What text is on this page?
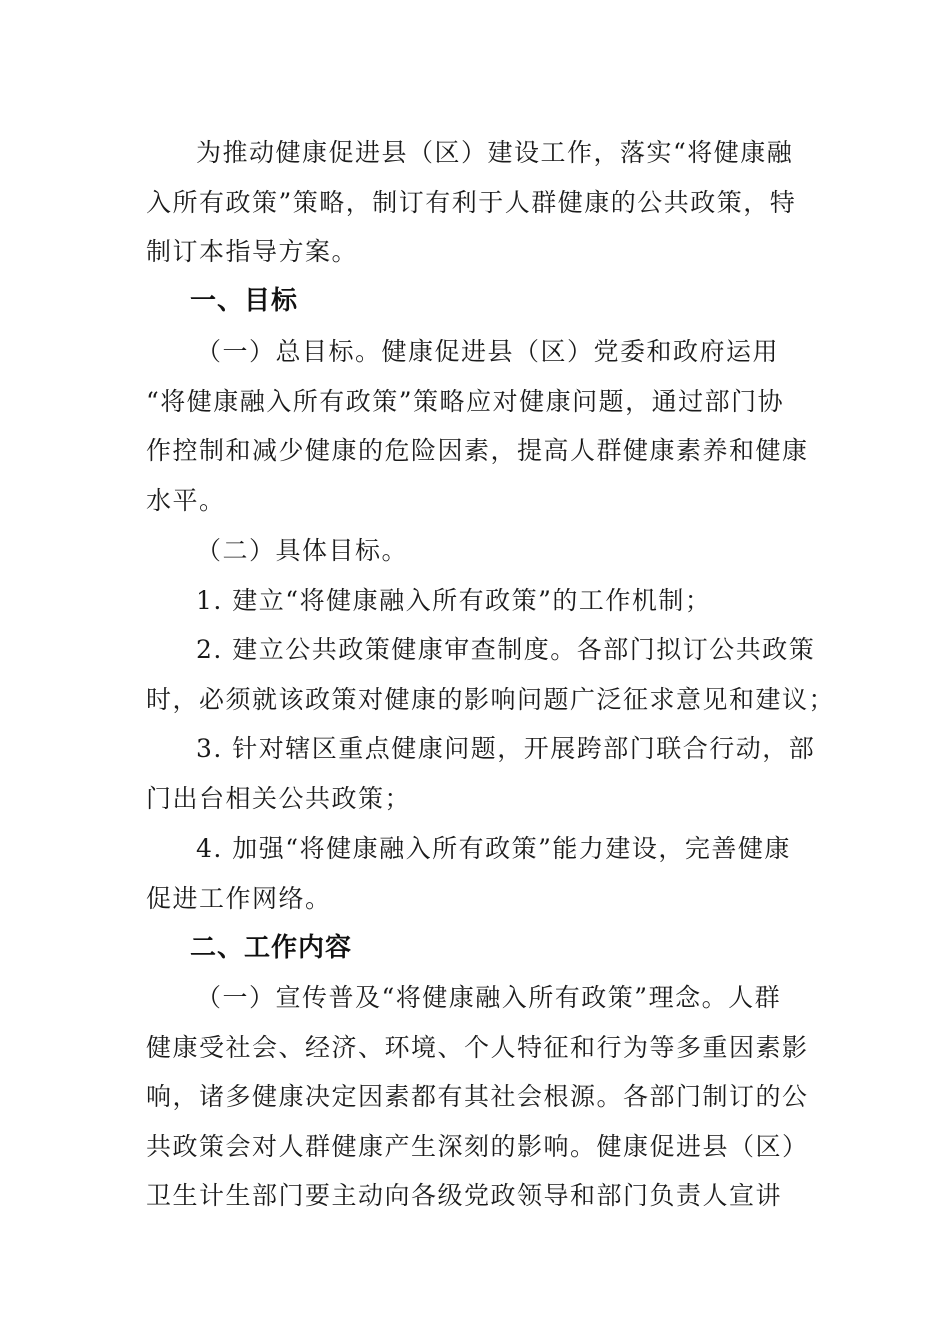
为推动健康促进县（区）建设工作，落实“将健康融
入所有政策”策略，制订有利于人群健康的公共政策，特
制订本指导方案。
一、目标
（一）总目标。健康促进县（区）党委和政府运用
“将健康融入所有政策”策略应对健康问题，通过部门协
作控制和减少健康的危险因素，提高人群健康素养和健康
水平。
（二）具体目标。
1. 建立“将健康融入所有政策”的工作机制；
2. 建立公共政策健康审查制度。各部门拟订公共政策
时，必须就该政策对健康的影响问题广泛征求意见和建议；
3. 针对辖区重点健康问题，开展跨部门联合行动，部
门出台相关公共政策；
4. 加强“将健康融入所有政策”能力建设，完善健康
促进工作网络。
二、工作内容
（一）宣传普及“将健康融入所有政策”理念。人群
健康受社会、经济、环境、个人特征和行为等多重因素影
响，诸多健康决定因素都有其社会根源。各部门制订的公
共政策会对人群健康产生深刻的影响。健康促进县（区）
卫生计生部门要主动向各级党政领导和部门负责人宣讲
